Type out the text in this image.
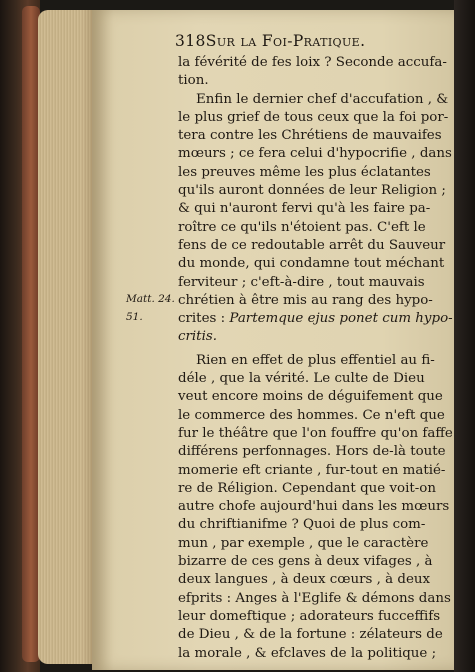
318Sur la Foi-Pratique.
Matt. 24.
51.
la févérité de fes loix ? Seconde accufa-
tion.
Enfin le dernier chef d'accufation , &
le plus grief de tous ceux que la foi por-
tera contre les Chrétiens de mauvaifes
mœurs ; ce fera celui d'hypocrifie , dans
les preuves même les plus éclatantes
qu'ils auront données de leur Religion ;
& qui n'auront fervi qu'à les faire pa-
roître ce qu'ils n'étoient pas. C'eft le
fens de ce redoutable arrêt du Sauveur
du monde, qui condamne tout méchant
ferviteur ; c'eft-à-dire , tout mauvais
chrétien à être mis au rang des hypo-
crites : Partemque ejus ponet cum hypo-
critis.
Rien en effet de plus effentiel au fi-
déle , que la vérité. Le culte de Dieu
veut encore moins de déguifement que
le commerce des hommes. Ce n'eft que
fur le théâtre que l'on fouffre qu'on faffe
différens perfonnages. Hors de-là toute
momerie eft criante , fur-tout en matié-
re de Réligion. Cependant que voit-on
autre chofe aujourd'hui dans les mœurs
du chriftianifme ? Quoi de plus com-
mun , par exemple , que le caractère
bizarre de ces gens à deux vifages , à
deux langues , à deux cœurs , à deux
efprits : Anges à l'Eglife & démons dans
leur domeftique ; adorateurs fucceffifs
de Dieu , & de la fortune : zélateurs de
la morale , & efclaves de la politique ;
